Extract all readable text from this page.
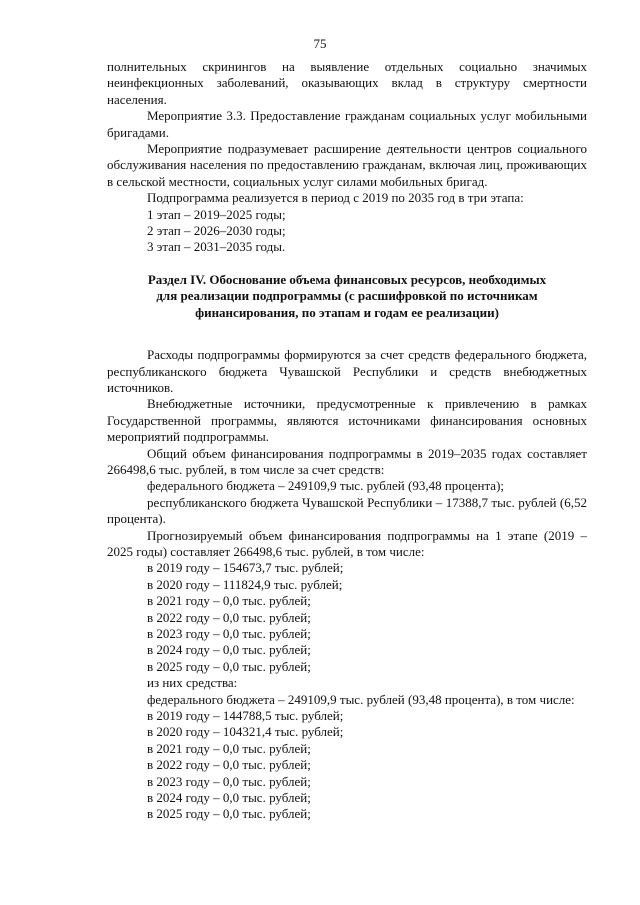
75

полнительных скринингов на выявление отдельных социально значимых неинфекционных заболеваний, оказывающих вклад в структуру смертности населения.

Мероприятие 3.3. Предоставление гражданам социальных услуг мобильными бригадами.

Мероприятие подразумевает расширение деятельности центров социального обслуживания населения по предоставлению гражданам, включая лиц, проживающих в сельской местности, социальных услуг силами мобильных бригад.

Подпрограмма реализуется в период с 2019 по 2035 год в три этапа:

1 этап – 2019–2025 годы;

2 этап – 2026–2030 годы;

3 этап – 2031–2035 годы.

Раздел IV. Обоснование объема финансовых ресурсов, необходимых
для реализации подпрограммы (с расшифровкой по источникам
финансирования, по этапам и годам ее реализации)

Расходы подпрограммы формируются за счет средств федерального бюджета, республиканского бюджета Чувашской Республики и средств внебюджетных источников.

Внебюджетные источники, предусмотренные к привлечению в рамках Государственной программы, являются источниками финансирования основных мероприятий подпрограммы.

Общий объем финансирования подпрограммы в 2019–2035 годах составляет 266498,6 тыс. рублей, в том числе за счет средств:

федерального бюджета – 249109,9 тыс. рублей (93,48 процента);

республиканского бюджета Чувашской Республики – 17388,7 тыс. рублей (6,52 процента).

Прогнозируемый объем финансирования подпрограммы на 1 этапе (2019 – 2025 годы) составляет 266498,6 тыс. рублей, в том числе:

в 2019 году – 154673,7 тыс. рублей;

в 2020 году – 111824,9 тыс. рублей;

в 2021 году – 0,0 тыс. рублей;

в 2022 году – 0,0 тыс. рублей;

в 2023 году – 0,0 тыс. рублей;

в 2024 году – 0,0 тыс. рублей;

в 2025 году – 0,0 тыс. рублей;

из них средства:

федерального бюджета – 249109,9 тыс. рублей (93,48 процента), в том числе:

в 2019 году – 144788,5 тыс. рублей;

в 2020 году – 104321,4 тыс. рублей;

в 2021 году – 0,0 тыс. рублей;

в 2022 году – 0,0 тыс. рублей;

в 2023 году – 0,0 тыс. рублей;

в 2024 году – 0,0 тыс. рублей;

в 2025 году – 0,0 тыс. рублей;
